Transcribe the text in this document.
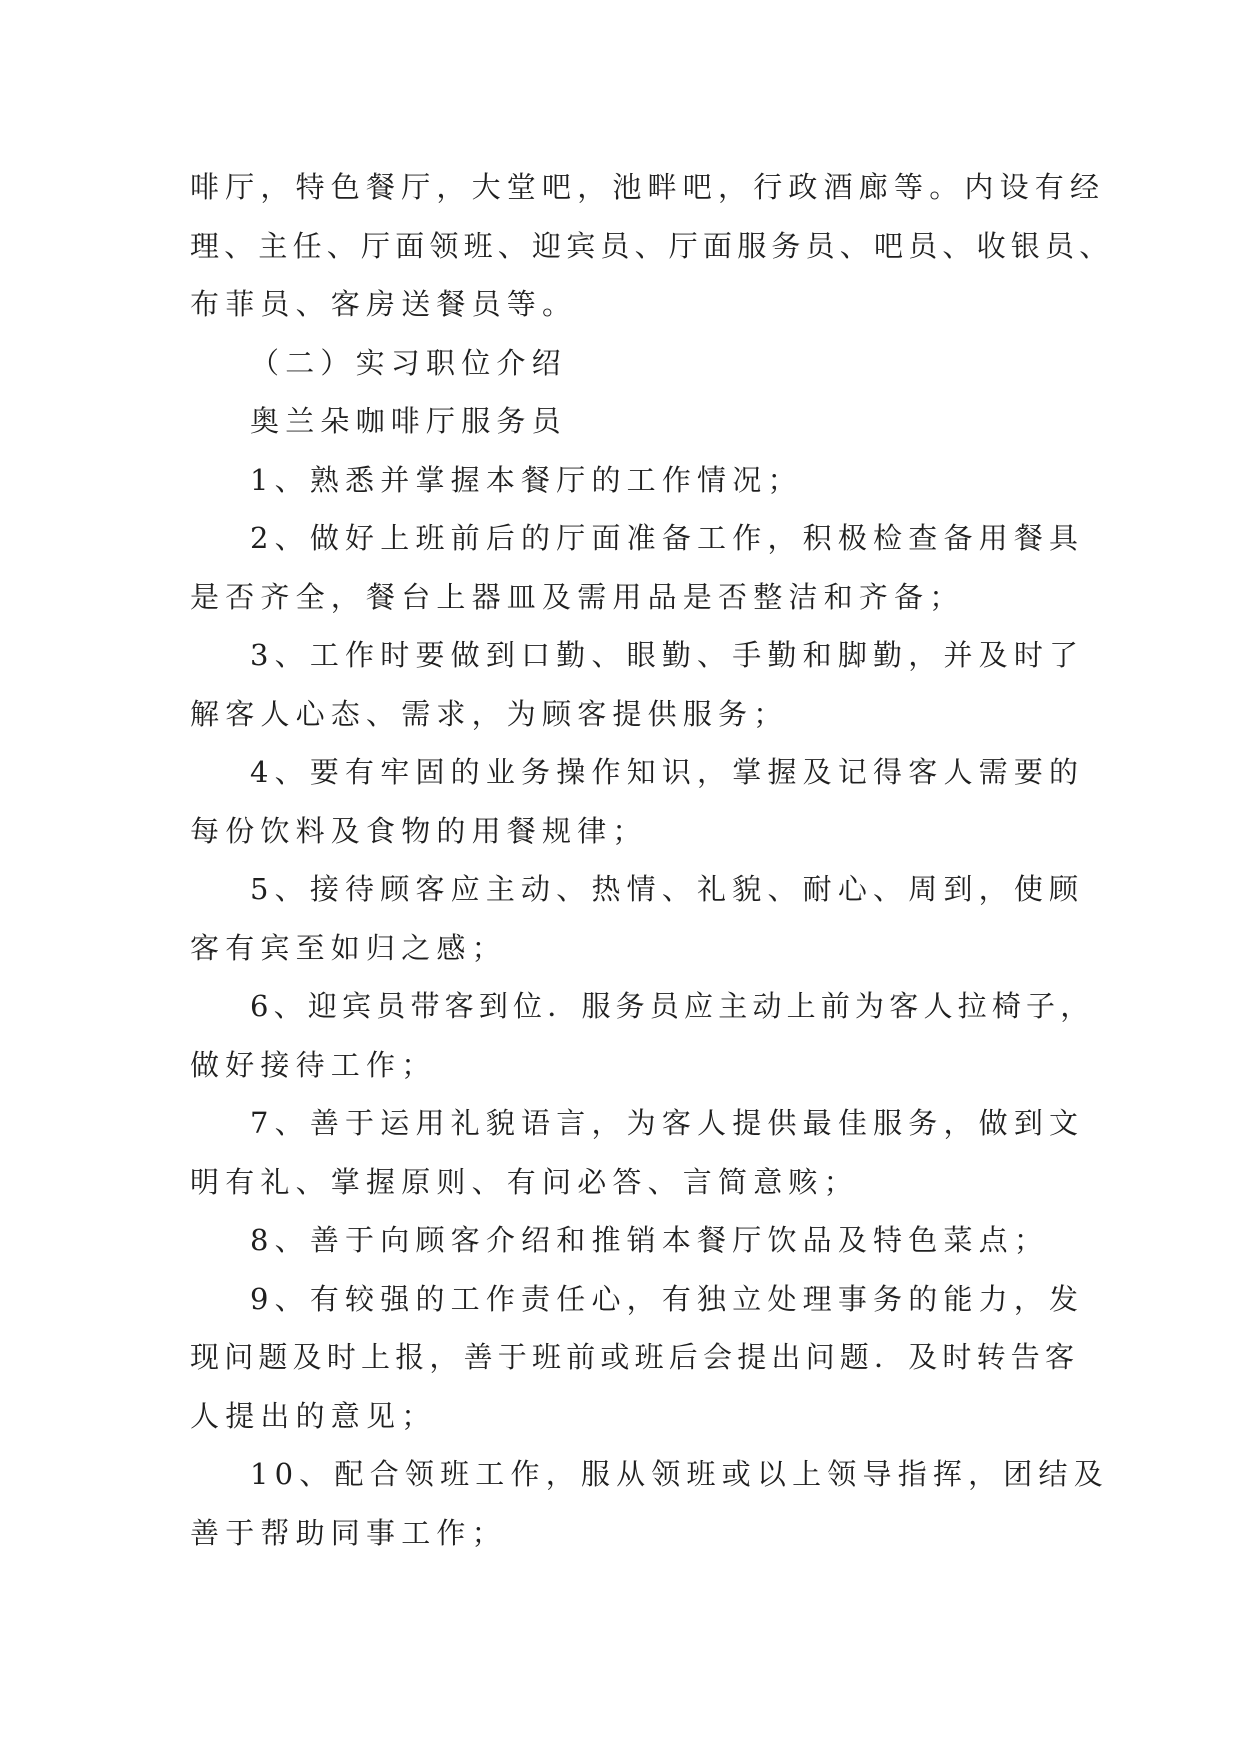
啡厅，特色餐厅，大堂吧，池畔吧，行政酒廊等。内设有经

理、主任、厅面领班、迎宾员、厅面服务员、吧员、收银员、

布菲员、客房送餐员等。

（二）实习职位介绍

奥兰朵咖啡厅服务员

1、熟悉并掌握本餐厅的工作情况；

2、做好上班前后的厅面准备工作，积极检查备用餐具

是否齐全，餐台上器皿及需用品是否整洁和齐备；

3、工作时要做到口勤、眼勤、手勤和脚勤，并及时了

解客人心态、需求，为顾客提供服务；

4、要有牢固的业务操作知识，掌握及记得客人需要的

每份饮料及食物的用餐规律；

5、接待顾客应主动、热情、礼貌、耐心、周到，使顾

客有宾至如归之感；

6、迎宾员带客到位．服务员应主动上前为客人拉椅子，

做好接待工作；

7、善于运用礼貌语言，为客人提供最佳服务，做到文

明有礼、掌握原则、有问必答、言简意赅；

8、善于向顾客介绍和推销本餐厅饮品及特色菜点；

9、有较强的工作责任心，有独立处理事务的能力，发

现问题及时上报，善于班前或班后会提出问题．及时转告客

人提出的意见；

10、配合领班工作，服从领班或以上领导指挥，团结及

善于帮助同事工作；
